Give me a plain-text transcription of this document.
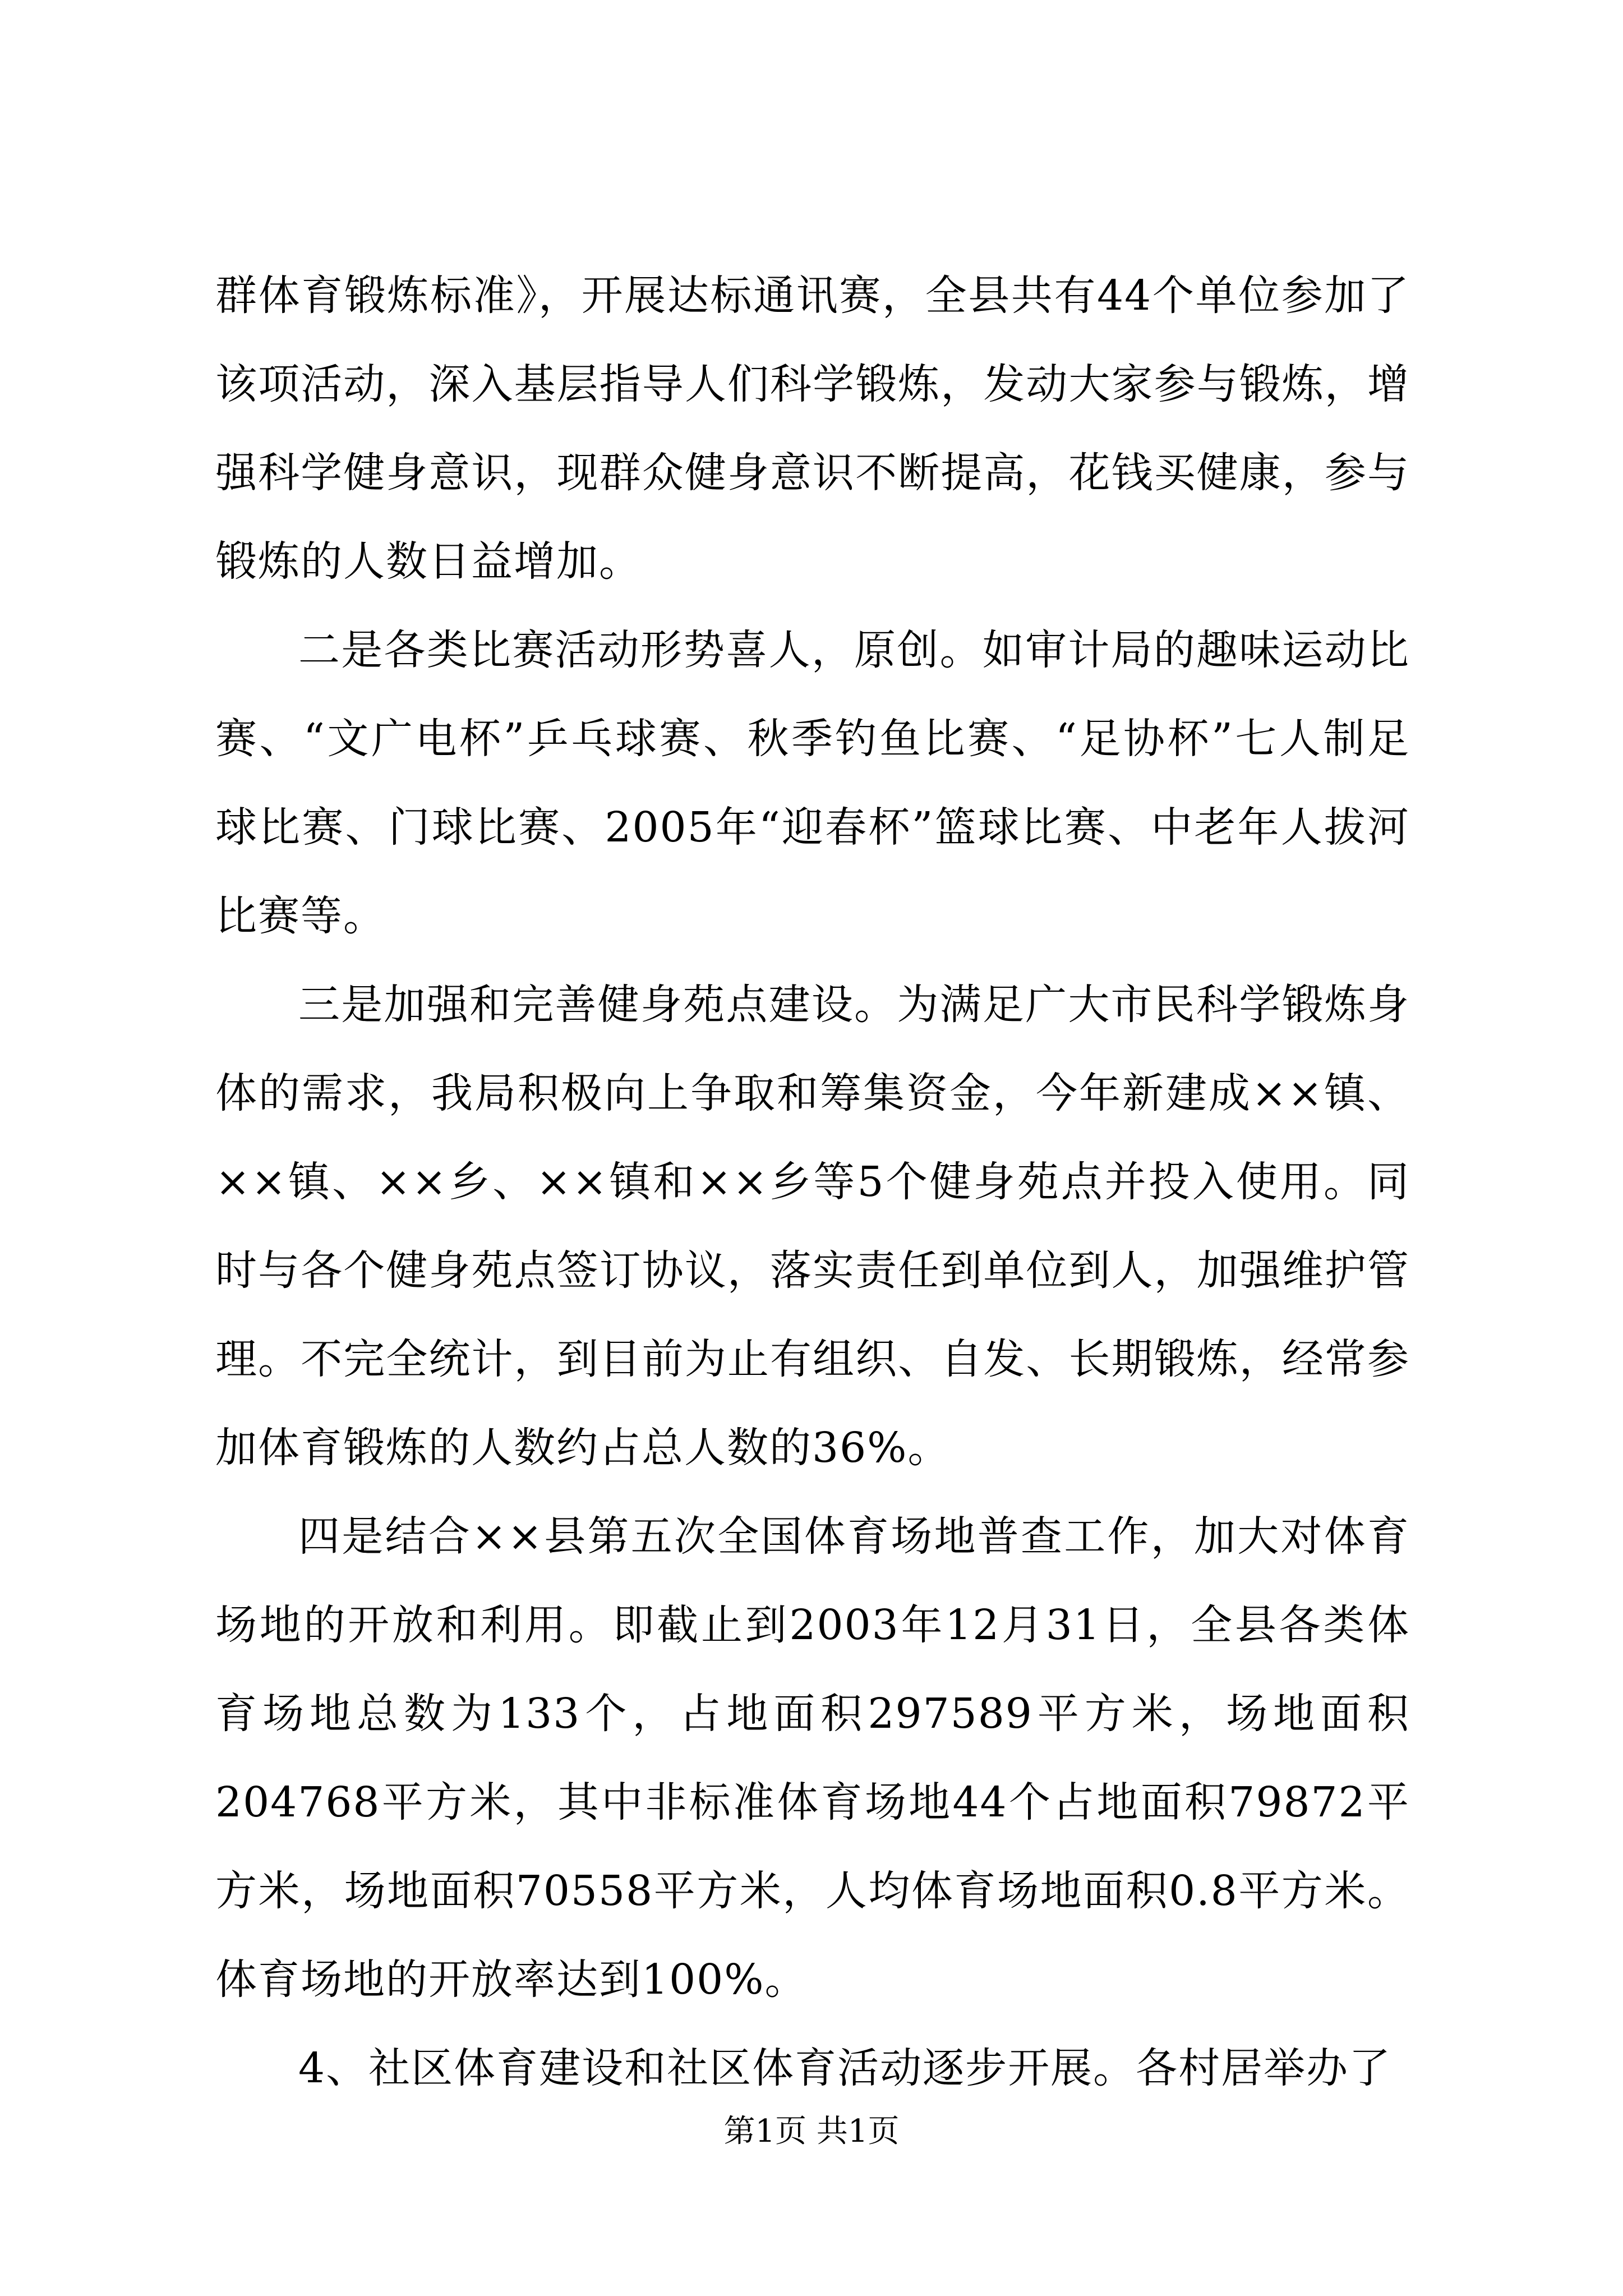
群体育锻炼标准》，开展达标通讯赛，全县共有44个单位参加了该项活动，深入基层指导人们科学锻炼，发动大家参与锻炼，增强科学健身意识，现群众健身意识不断提高，花钱买健康，参与锻炼的人数日益增加。

二是各类比赛活动形势喜人，原创。如审计局的趣味运动比赛、“文广电杯”乒乓球赛、秋季钓鱼比赛、“足协杯”七人制足球比赛、门球比赛、2005年“迎春杯”篮球比赛、中老年人拔河比赛等。

三是加强和完善健身苑点建设。为满足广大市民科学锻炼身体的需求，我局积极向上争取和筹集资金，今年新建成××镇、××镇、××乡、××镇和××乡等5个健身苑点并投入使用。同时与各个健身苑点签订协议，落实责任到单位到人，加强维护管理。不完全统计，到目前为止有组织、自发、长期锻炼，经常参加体育锻炼的人数约占总人数的36%。

四是结合××县第五次全国体育场地普查工作，加大对体育场地的开放和利用。即截止到2003年12月31日，全县各类体育场地总数为133个，占地面积297589平方米，场地面积204768平方米，其中非标准体育场地44个占地面积79872平方米，场地面积70558平方米，人均体育场地面积0.8平方米。体育场地的开放率达到100%。

4、社区体育建设和社区体育活动逐步开展。各村居举办了

第1页 共1页
